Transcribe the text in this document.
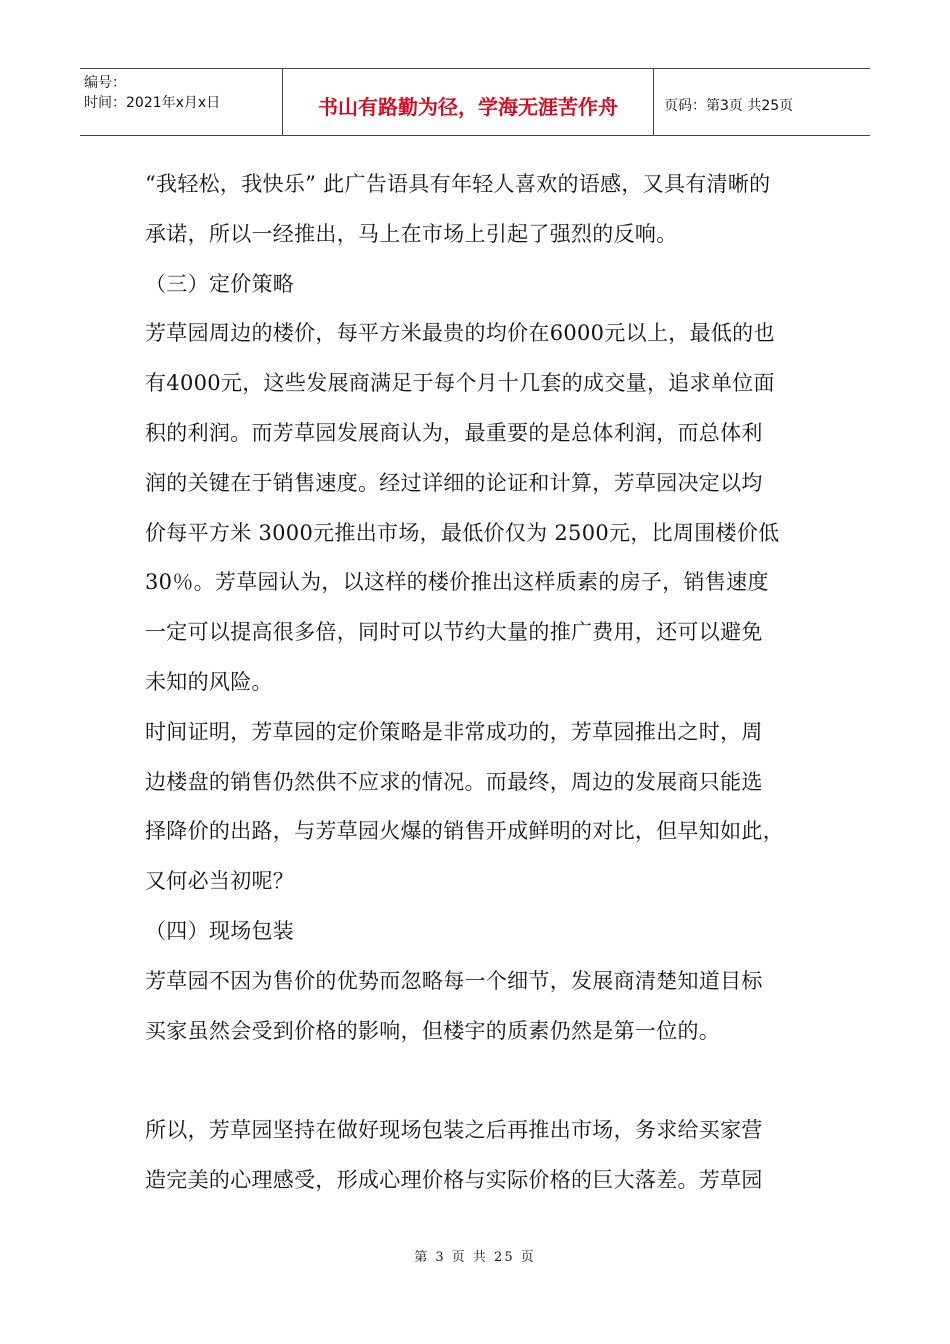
编号：
时间：2021年x月x日	书山有路勤为径，学海无涯苦作舟	页码：第3页 共25页
“我轻松，我快乐” 此广告语具有年轻人喜欢的语感，又具有清晰的
承诺，所以一经推出，马上在市场上引起了强烈的反响。
（三）定价策略
芳草园周边的楼价，每平方米最贵的均价在6000元以上，最低的也
有4000元，这些发展商满足于每个月十几套的成交量，追求单位面
积的利润。而芳草园发展商认为，最重要的是总体利润，而总体利
润的关键在于销售速度。经过详细的论证和计算，芳草园决定以均
价每平方米 3000元推出市场，最低价仅为 2500元，比周围楼价低
30％。芳草园认为，以这样的楼价推出这样质素的房子，销售速度
一定可以提高很多倍，同时可以节约大量的推广费用，还可以避免
未知的风险。
时间证明，芳草园的定价策略是非常成功的，芳草园推出之时，周
边楼盘的销售仍然供不应求的情况。而最终，周边的发展商只能选
择降价的出路，与芳草园火爆的销售开成鲜明的对比，但早知如此，
又何必当初呢？
（四）现场包装
芳草园不因为售价的优势而忽略每一个细节，发展商清楚知道目标
买家虽然会受到价格的影响，但楼宇的质素仍然是第一位的。
所以，芳草园坚持在做好现场包装之后再推出市场，务求给买家营
造完美的心理感受，形成心理价格与实际价格的巨大落差。芳草园
第 3 页 共 25 页
